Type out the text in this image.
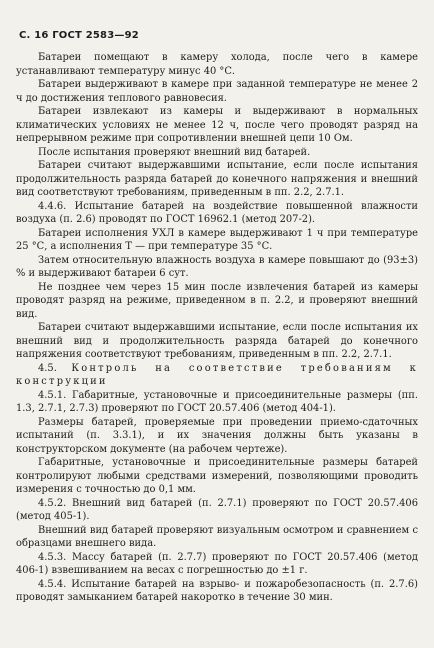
С. 16 ГОСТ 2583—92

Батареи помещают в камеру холода, после чего в камере устанавливают температуру минус 40 °С.

Батареи выдерживают в камере при заданной температуре не менее 2 ч до достижения теплового равновесия.

Батареи извлекают из камеры и выдерживают в нормальных климатических условиях не менее 12 ч, после чего проводят разряд на непрерывном режиме при сопротивлении внешней цепи 10 Ом.

После испытания проверяют внешний вид батарей.

Батареи считают выдержавшими испытание, если после испытания продолжительность разряда батарей до конечного напряжения и внешний вид соответствуют требованиям, приведенным в пп. 2.2, 2.7.1.

4.4.6. Испытание батарей на воздействие повышенной влажности воздуха (п. 2.6) проводят по ГОСТ 16962.1 (метод 207-2).

Батареи исполнения УХЛ в камере выдерживают 1 ч при температуре 25 °С, а исполнения Т — при температуре 35 °С.

Затем относительную влажность воздуха в камере повышают до (93±3) % и выдерживают батареи 6 сут.

Не позднее чем через 15 мин после извлечения батарей из камеры проводят разряд на режиме, приведенном в п. 2.2, и проверяют внешний вид.

Батареи считают выдержавшими испытание, если после испытания их внешний вид и продолжительность разряда батарей до конечного напряжения соответствуют требованиям, приведенным в пп. 2.2, 2.7.1.

4.5. Контроль на соответствие требованиям к конструкции

4.5.1. Габаритные, установочные и присоединительные размеры (пп. 1.3, 2.7.1, 2.7.3) проверяют по ГОСТ 20.57.406 (метод 404-1).

Размеры батарей, проверяемые при проведении приемо-сдаточных испытаний (п. 3.3.1), и их значения должны быть указаны в конструкторском документе (на рабочем чертеже).

Габаритные, установочные и присоединительные размеры батарей контролируют любыми средствами измерений, позволяющими проводить измерения с точностью до 0,1 мм.

4.5.2. Внешний вид батарей (п. 2.7.1) проверяют по ГОСТ 20.57.406 (метод 405-1).

Внешний вид батарей проверяют визуальным осмотром и сравнением с образцами внешнего вида.

4.5.3. Массу батарей (п. 2.7.7) проверяют по ГОСТ 20.57.406 (метод 406-1) взвешиванием на весах с погрешностью до ±1 г.

4.5.4. Испытание батарей на взрыво- и пожаробезопасность (п. 2.7.6) проводят замыканием батарей накоротко в течение 30 мин.
